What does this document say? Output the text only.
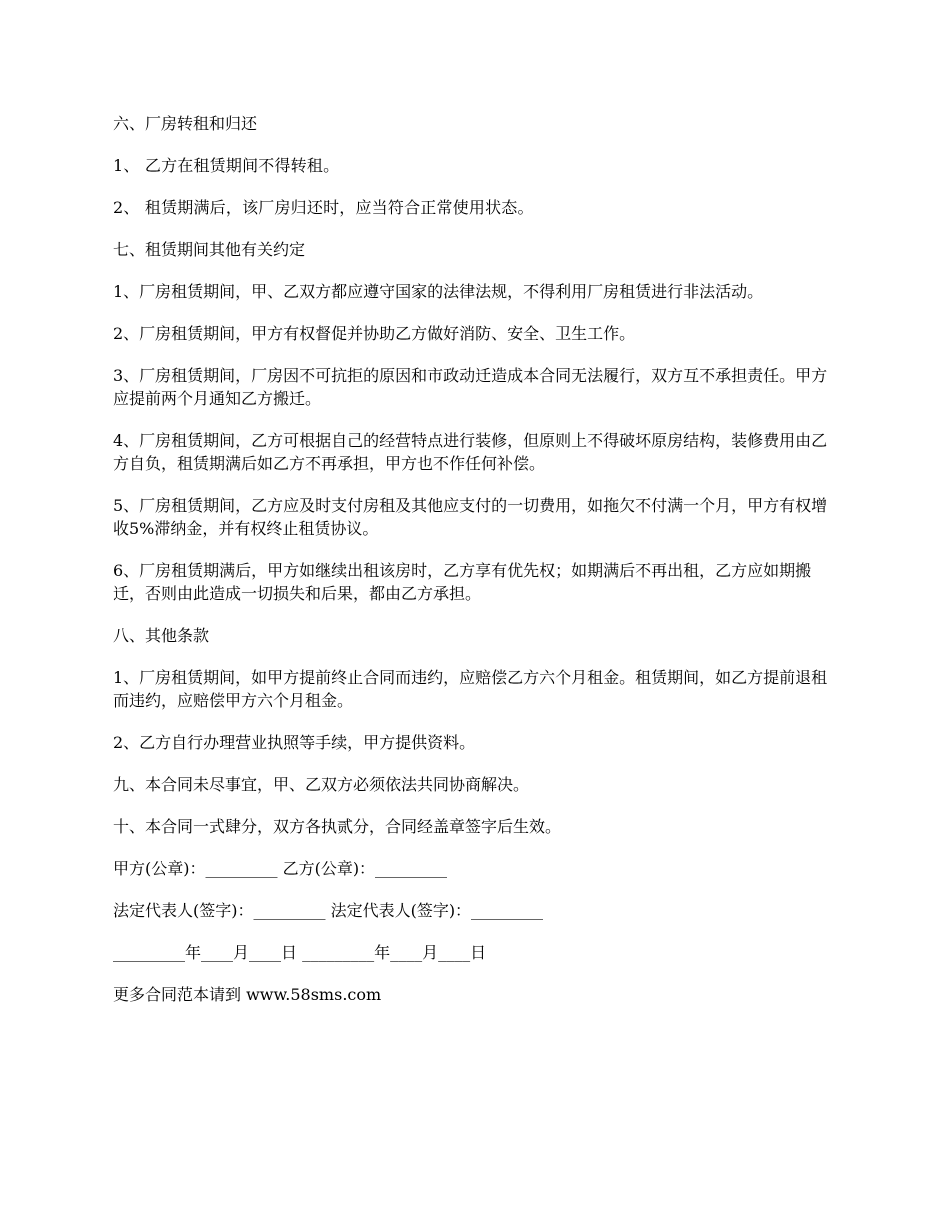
六、厂房转租和归还

1、 乙方在租赁期间不得转租。

2、 租赁期满后，该厂房归还时，应当符合正常使用状态。

七、租赁期间其他有关约定

1、厂房租赁期间，甲、乙双方都应遵守国家的法律法规，不得利用厂房租赁进行非法活动。

2、厂房租赁期间，甲方有权督促并协助乙方做好消防、安全、卫生工作。

3、厂房租赁期间，厂房因不可抗拒的原因和市政动迁造成本合同无法履行，双方互不承担责任。甲方应提前两个月通知乙方搬迁。

4、厂房租赁期间，乙方可根据自己的经营特点进行装修，但原则上不得破坏原房结构，装修费用由乙方自负，租赁期满后如乙方不再承担，甲方也不作任何补偿。

5、厂房租赁期间，乙方应及时支付房租及其他应支付的一切费用，如拖欠不付满一个月，甲方有权增收5%滞纳金，并有权终止租赁协议。

6、厂房租赁期满后，甲方如继续出租该房时，乙方享有优先权；如期满后不再出租，乙方应如期搬迁，否则由此造成一切损失和后果，都由乙方承担。

八、其他条款

1、厂房租赁期间，如甲方提前终止合同而违约，应赔偿乙方六个月租金。租赁期间，如乙方提前退租而违约，应赔偿甲方六个月租金。

2、乙方自行办理营业执照等手续，甲方提供资料。

九、本合同未尽事宜，甲、乙双方必须依法共同协商解决。

十、本合同一式肆分，双方各执贰分，合同经盖章签字后生效。

甲方(公章)：_________ 乙方(公章)：_________

法定代表人(签字)：_________ 法定代表人(签字)：_________

_________年____月____日 _________年____月____日

更多合同范本请到 www.58sms.com
